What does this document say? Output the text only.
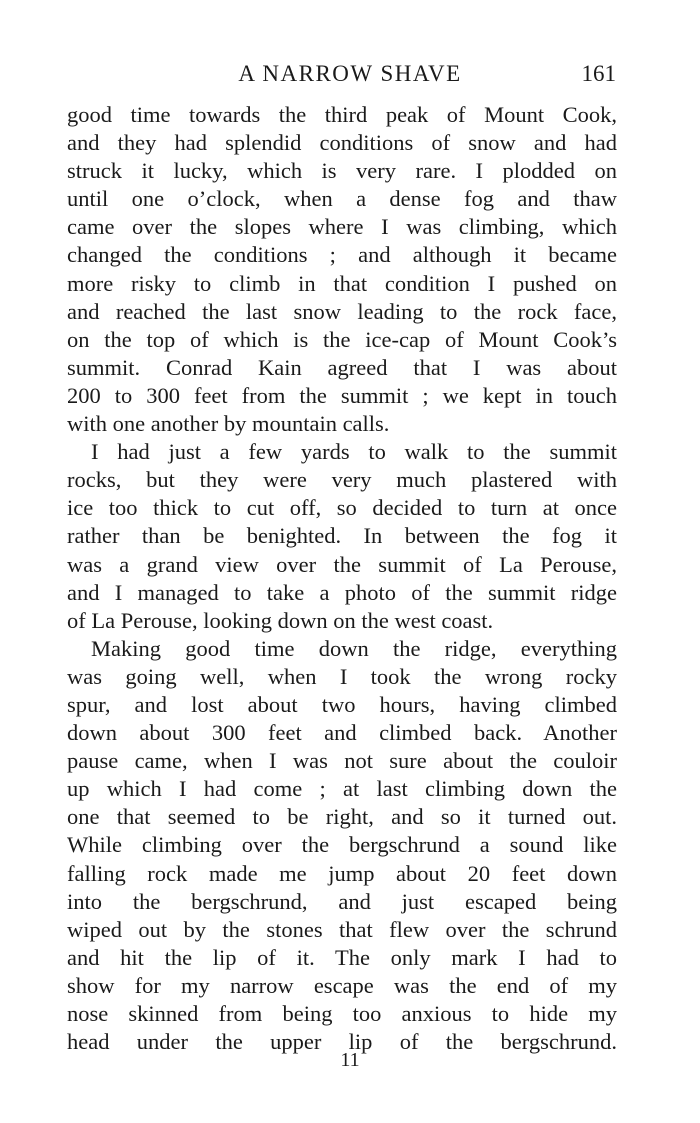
A NARROW SHAVE	161
good time towards the third peak of Mount Cook,
and they had splendid conditions of snow and had
struck it lucky, which is very rare. I plodded on
until one o’clock, when a dense fog and thaw
came over the slopes where I was climbing, which
changed the conditions ; and although it became
more risky to climb in that condition I pushed on
and reached the last snow leading to the rock face,
on the top of which is the ice-cap of Mount Cook’s
summit. Conrad Kain agreed that I was about
200 to 300 feet from the summit ; we kept in touch
with one another by mountain calls.
I had just a few yards to walk to the summit
rocks, but they were very much plastered with
ice too thick to cut off, so decided to turn at once
rather than be benighted. In between the fog it
was a grand view over the summit of La Perouse,
and I managed to take a photo of the summit ridge
of La Perouse, looking down on the west coast.
Making good time down the ridge, everything
was going well, when I took the wrong rocky
spur, and lost about two hours, having climbed
down about 300 feet and climbed back. Another
pause came, when I was not sure about the couloir
up which I had come ; at last climbing down the
one that seemed to be right, and so it turned out.
While climbing over the bergschrund a sound like
falling rock made me jump about 20 feet down
into the bergschrund, and just escaped being
wiped out by the stones that flew over the schrund
and hit the lip of it. The only mark I had to
show for my narrow escape was the end of my
nose skinned from being too anxious to hide my
head under the upper lip of the bergschrund.
11
